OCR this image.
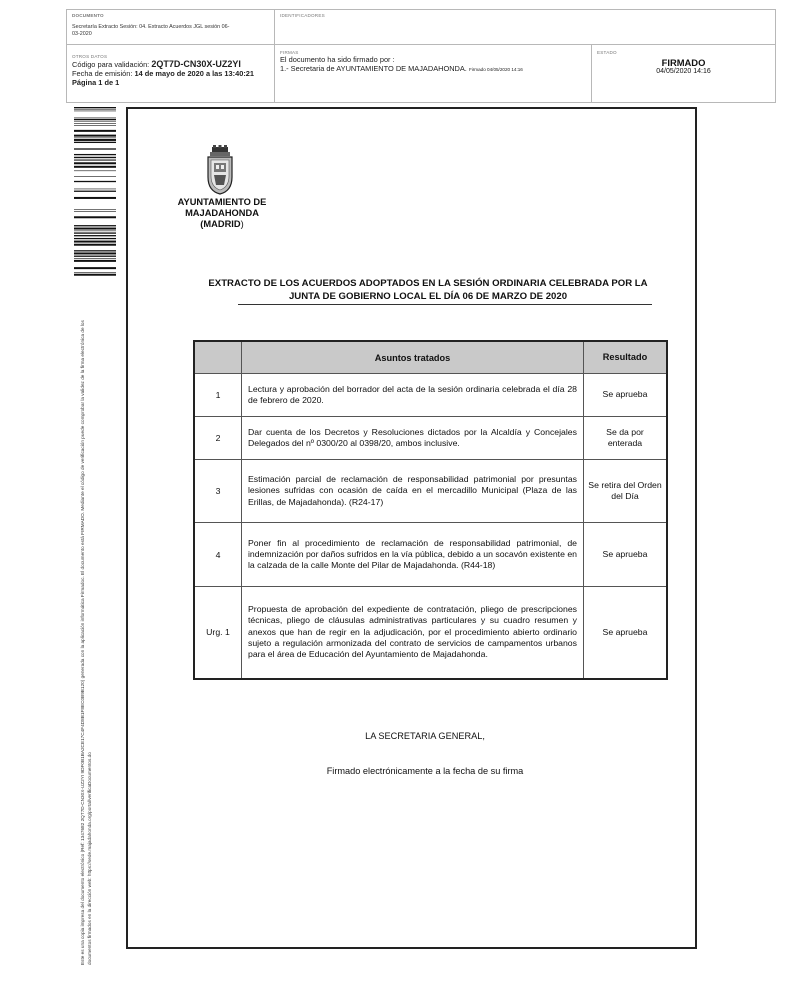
DOCUMENTO
Secretaría Extracto Sesión: 04. Extracto Acuerdos JGL sesión 06-03-2020
IDENTIFICADORES
OTROS DATOS
Código para validación: 2QT7D-CN30X-UZ2YI
Fecha de emisión: 14 de mayo de 2020 a las 13:40:21
Página 1 de 1
FIRMAS
El documento ha sido firmado por :
1.- Secretaria de AYUNTAMIENTO DE MAJADAHONDA. Firmado 04/05/2020 14:16
ESTADO
FIRMADO
04/05/2020 14:16
Este es una copia impresa del documento electrónico (Ref: 1347682 2QT7D-CN30X-UZ2YI 9DF0B1BA2CE17C4F4D8B1F8EC0B9B120) generada con la aplicación informática Firmadoc. El documento está FIRMADO. Mediante el código de verificación puede comprobar la validez de la firma electrónica de los documentos firmados en la dirección web: https://sede.majadahonda.org/portal/verificaDocumentos.do
AYUNTAMIENTO DE
MAJADAHONDA
(MADRID)
EXTRACTO DE LOS ACUERDOS ADOPTADOS EN LA SESIÓN ORDINARIA CELEBRADA POR LA JUNTA DE GOBIERNO LOCAL EL DÍA 06 DE MARZO DE 2020
	Asuntos tratados	Resultado
1	Lectura y aprobación del borrador del acta de la sesión ordinaria celebrada el día 28 de febrero de 2020.	Se aprueba
2	Dar cuenta de los Decretos y Resoluciones dictados por la Alcaldía y Concejales Delegados del nº 0300/20 al 0398/20, ambos inclusive.	Se da por enterada
3	Estimación parcial de reclamación de responsabilidad patrimonial por presuntas lesiones sufridas con ocasión de caída en el mercadillo Municipal (Plaza de las Erillas, de Majadahonda). (R24-17)	Se retira del Orden del Día
4	Poner fin al procedimiento de reclamación de responsabilidad patrimonial, de indemnización por daños sufridos en la vía pública, debido a un socavón existente en la calzada de la calle Monte del Pilar de Majadahonda. (R44-18)	Se aprueba
Urg. 1	Propuesta de aprobación del expediente de contratación, pliego de prescripciones técnicas, pliego de cláusulas administrativas particulares y su cuadro resumen y anexos que han de regir en la adjudicación, por el procedimiento abierto ordinario sujeto a regulación armonizada del contrato de servicios de campamentos urbanos para el área de Educación del Ayuntamiento de Majadahonda.	Se aprueba
LA SECRETARIA GENERAL,
Firmado electrónicamente a la fecha de su firma
